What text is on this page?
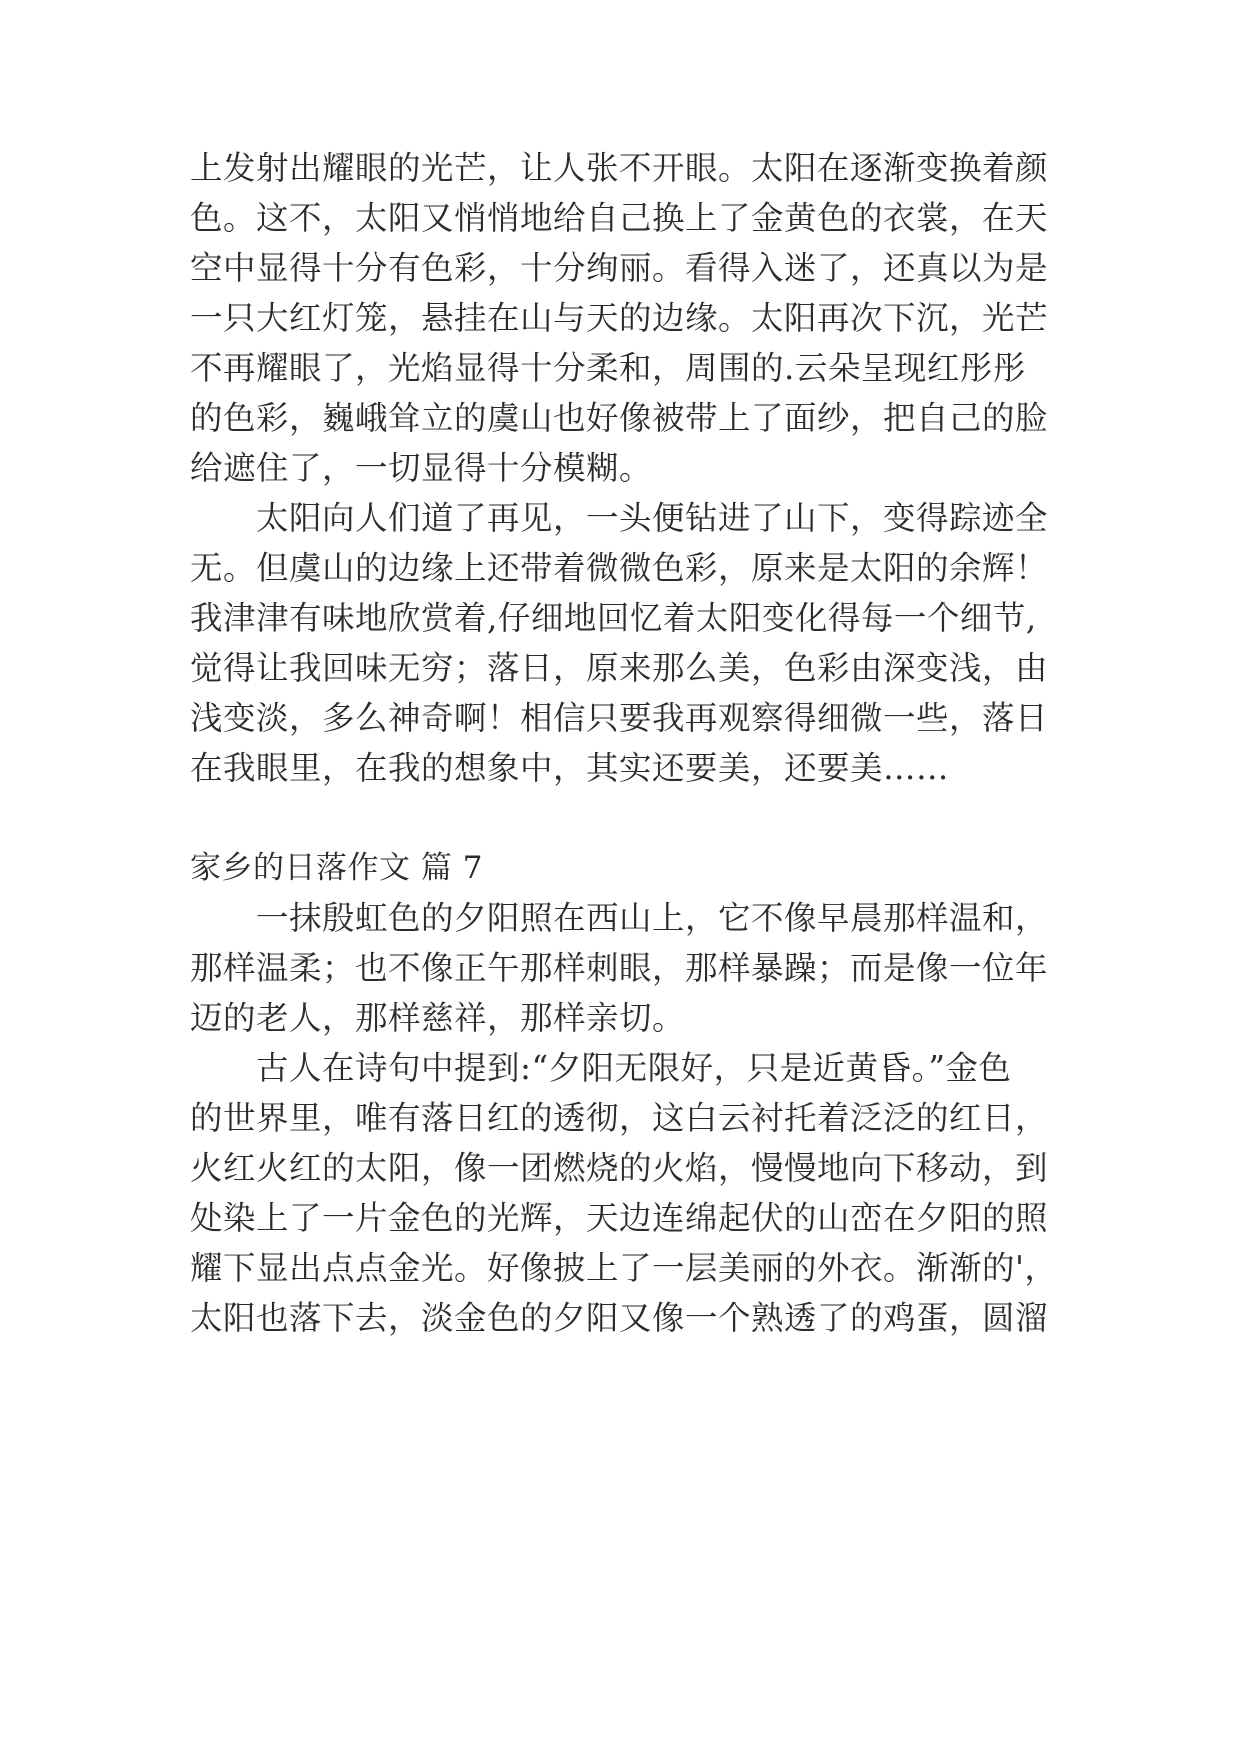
上发射出耀眼的光芒，让人张不开眼。太阳在逐渐变换着颜
色。这不，太阳又悄悄地给自己换上了金黄色的衣裳，在天
空中显得十分有色彩，十分绚丽。看得入迷了，还真以为是
一只大红灯笼，悬挂在山与天的边缘。太阳再次下沉，光芒
不再耀眼了，光焰显得十分柔和，周围的.云朵呈现红彤彤
的色彩，巍峨耸立的虞山也好像被带上了面纱，把自己的脸
给遮住了，一切显得十分模糊。
　　太阳向人们道了再见，一头便钻进了山下，变得踪迹全
无。但虞山的边缘上还带着微微色彩，原来是太阳的余辉！
我津津有味地欣赏着,仔细地回忆着太阳变化得每一个细节,
觉得让我回味无穷；落日，原来那么美，色彩由深变浅，由
浅变淡，多么神奇啊！相信只要我再观察得细微一些，落日
在我眼里，在我的想象中，其实还要美，还要美……
家乡的日落作文 篇 7
　　一抹殷虹色的夕阳照在西山上，它不像早晨那样温和，
那样温柔；也不像正午那样刺眼，那样暴躁；而是像一位年
迈的老人，那样慈祥，那样亲切。
　　古人在诗句中提到:“夕阳无限好，只是近黄昏。”金色
的世界里，唯有落日红的透彻，这白云衬托着泛泛的红日，
火红火红的太阳，像一团燃烧的火焰，慢慢地向下移动，到
处染上了一片金色的光辉，天边连绵起伏的山峦在夕阳的照
耀下显出点点金光。好像披上了一层美丽的外衣。渐渐的'，
太阳也落下去，淡金色的夕阳又像一个熟透了的鸡蛋，圆溜
